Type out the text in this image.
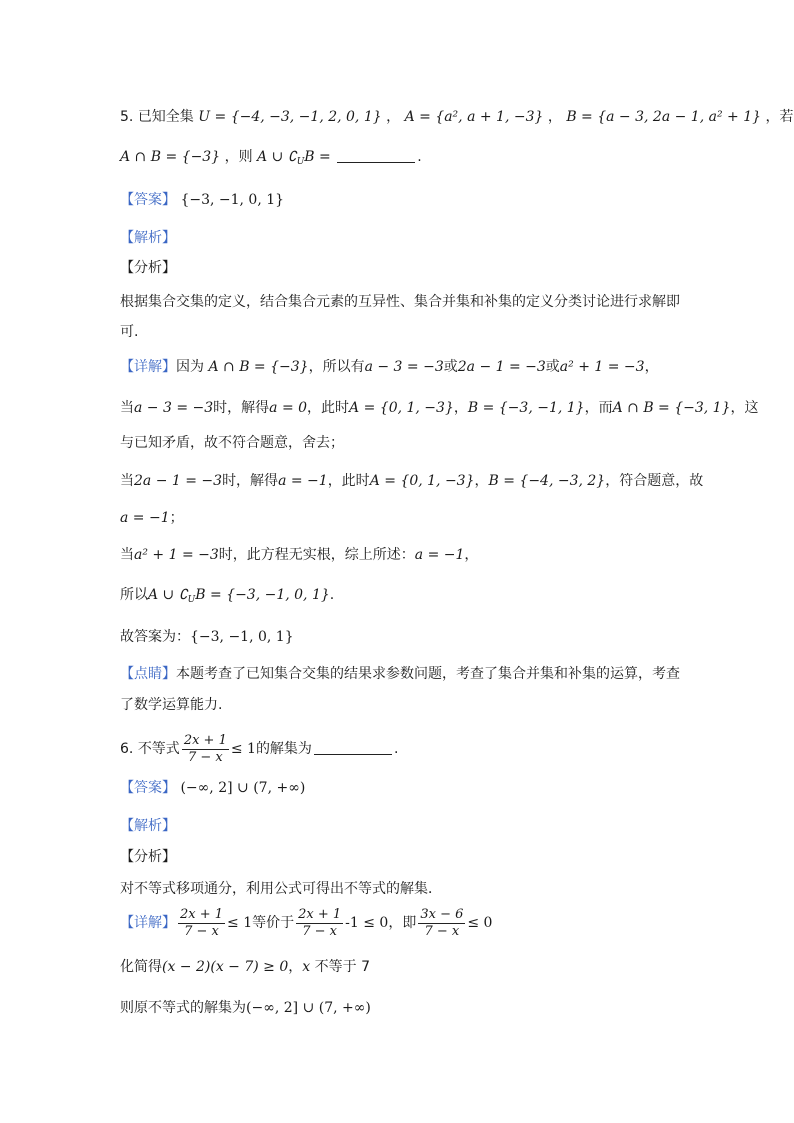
5. 已知全集 U = {−4, −3, −1, 2, 0, 1} ， A = {a², a + 1, −3} ， B = {a − 3, 2a − 1, a² + 1} ，若
A ∩ B = {−3} ，则 A ∪ $∁_UB$ =	.
【答案】 {−3, −1, 0, 1}
【解析】
【分析】
根据集合交集的定义，结合集合元素的互异性、集合并集和补集的定义分类讨论进行求解即
可.
【详解】因为 A ∩ B = {−3}，所以有a − 3 = −3或2a − 1 = −3或a² + 1 = −3，
当a − 3 = −3时，解得a = 0，此时A = {0, 1, −3}，B = {−3, −1, 1}，而A ∩ B = {−3, 1}，这
与已知矛盾，故不符合题意，舍去；
当2a − 1 = −3时，解得a = −1，此时A = {0, 1, −3}，B = {−4, −3, 2}，符合题意，故
a = −1；
当a² + 1 = −3时，此方程无实根，综上所述：a = −1，
所以A ∪ $∁_UB = \{-3$, −1, 0, 1}.
故答案为：{−3, −1, 0, 1}
【点睛】本题考查了已知集合交集的结果求参数问题，考查了集合并集和补集的运算，考查
了数学运算能力.
6. 不等式 $\frac{2x + 1}{7 - x} \le 1$的解集为	.
【答案】 (−∞, 2] ∪ (7, +∞)
【解析】
【分析】
对不等式移项通分，利用公式可得出不等式的解集．
【详解】 $\frac{2x + 1}{7 - x} \le 1$等价于 $\frac{2x + 1}{7 - x} -1 \le 0$，即 $\frac{3x - 6}{7 - x} \le 0$
化简得(x − 2)(x − 7) ≥ 0，x 不等于 7
则原不等式的解集为(−∞, 2] ∪ (7, +∞)
